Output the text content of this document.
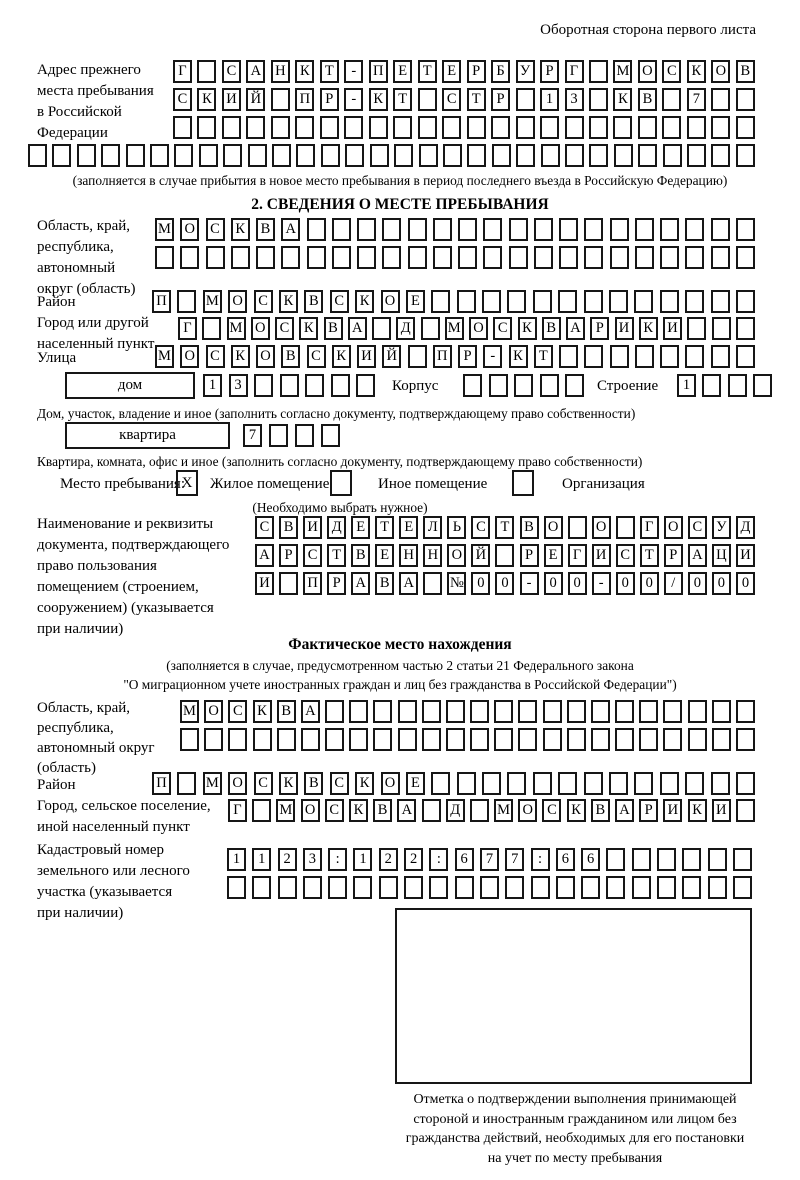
Оборотная сторона первого листа
Адрес прежнего
места пребывания
в Российской
Федерации
Г	С А Н К	Т	-	П	Е	Т	Е	Р	Б	У	Р	Г	М О С	К О В
С	К И Й	П	Р	-	К	Т	С	Т	Р	1	3	К	В	7
(заполняется в случае прибытия в новое место пребывания в период последнего въезда в Российскую Федерацию)
2. СВЕДЕНИЯ О МЕСТЕ ПРЕБЫВАНИЯ
Область, край,
республика,
автономный
округ (область)
М О	С	К	В	А
Район	П	М О	С	К	В	С	К	О	Е
Город или другой
населенный пункт
Г	М О С	К	В А	Д	М О С	К	В А	Р	И К И
Улица	М О	С	К	О	В	С	К	И Й	П	Р	-	К	Т
дом	1	3	Корпус	Строение	1
Дом, участок, владение и иное (заполнить согласно документу, подтверждающему право собственности)
квартира	7
Квартира, комната, офис и иное (заполнить согласно документу, подтверждающему право собственности)
Место пребывания:
X	Жилое помещение	Иное помещение	Организация
(Необходимо выбрать нужное)
Наименование и реквизиты
документа, подтверждающего
право пользования
помещением (строением,
сооружением) (указывается
при наличии)
С В И Д	Е	Т	Е	Л	Ь	С	Т	В О	О	Г	О С У Д
А	Р	С	Т	В	Е Н Н О Й	Р	Е	Г	И С	Т	Р	А Ц И
И	П	Р	А В А № 0	0	-	0	0	-	0	0	/	0	0	0
Фактическое место нахождения
(заполняется в случае, предусмотренном частью 2 статьи 21 Федерального закона
"О миграционном учете иностранных граждан и лиц без гражданства в Российской Федерации")
Область, край,
республика,
автономный округ
(область)
М О С	К	В А
Район	П	М О	С	К	В	С	К	О	Е
Город, сельское поселение,
иной населенный пункт
Г	М О С	К	В А	Д	М О С	К	В А	Р	И К И
Кадастровый номер
земельного или лесного
участка (указывается
при наличии)
1	1	2	3	:	1	2	2	:	6	7	7	:	6	6
Отметка о подтверждении выполнения принимающей
стороной и иностранным гражданином или лицом без
гражданства действий, необходимых для его постановки
на учет по месту пребывания
